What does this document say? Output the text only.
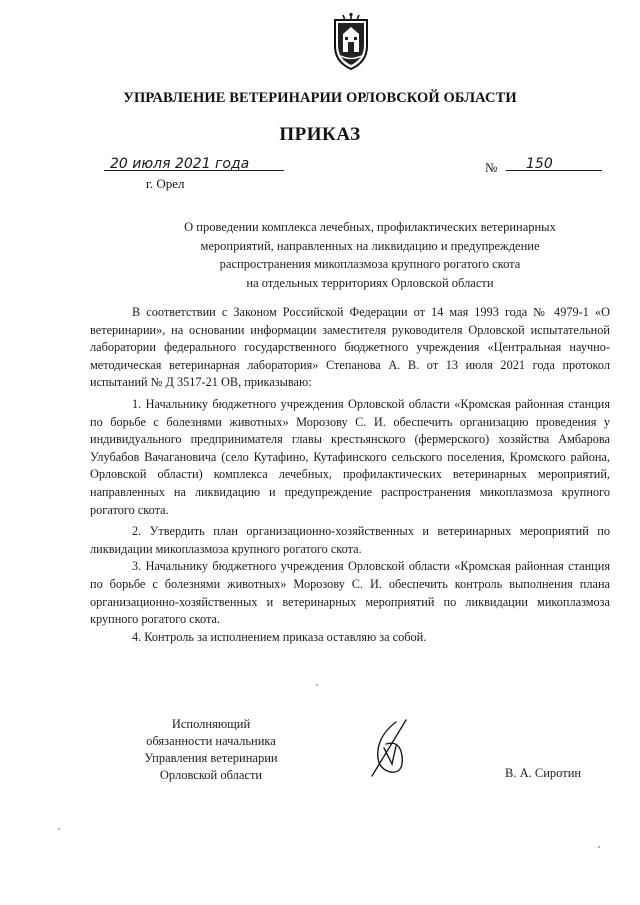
УПРАВЛЕНИЕ ВЕТЕРИНАРИИ ОРЛОВСКОЙ ОБЛАСТИ
ПРИКАЗ
20 июля 2021 года
г. Орел
№	150
О проведении комплекса лечебных, профилактических ветеринарных
мероприятий, направленных на ликвидацию и предупреждение
распространения микоплазмоза крупного рогатого скота
на отдельных территориях Орловской области

В соответствии с Законом Российской Федерации от 14 мая 1993 года № 4979-1 «О ветеринарии», на основании информации заместителя руководителя Орловской испытательной лаборатории федерального государственного бюджетного учреждения «Центральная научно-методическая ветеринарная лаборатория» Степанова А. В. от 13 июля 2021 года протокол испытаний № Д 3517-21 ОВ, приказываю:

1. Начальнику бюджетного учреждения Орловской области «Кромская районная станция по борьбе с болезнями животных» Морозову С. И. обеспечить организацию проведения у индивидуального предпринимателя главы крестьянского (фермерского) хозяйства Амбарова Улубабов Вачагановича (село Кутафино, Кутафинского сельского поселения, Кромского района, Орловской области) комплекса лечебных, профилактических ветеринарных мероприятий, направленных на ликвидацию и предупреждение распространения микоплазмоза крупного рогатого скота.

2. Утвердить план организационно-хозяйственных и ветеринарных мероприятий по ликвидации микоплазмоза крупного рогатого скота.

3. Начальнику бюджетного учреждения Орловской области «Кромская районная станция по борьбе с болезнями животных» Морозову С. И. обеспечить контроль выполнения плана организационно-хозяйственных и ветеринарных мероприятий по ликвидации микоплазмоза крупного рогатого скота.

4. Контроль за исполнением приказа оставляю за собой.

Исполняющий
обязанности начальника
Управления ветеринарии
Орловской области	В. А. Сиротин
